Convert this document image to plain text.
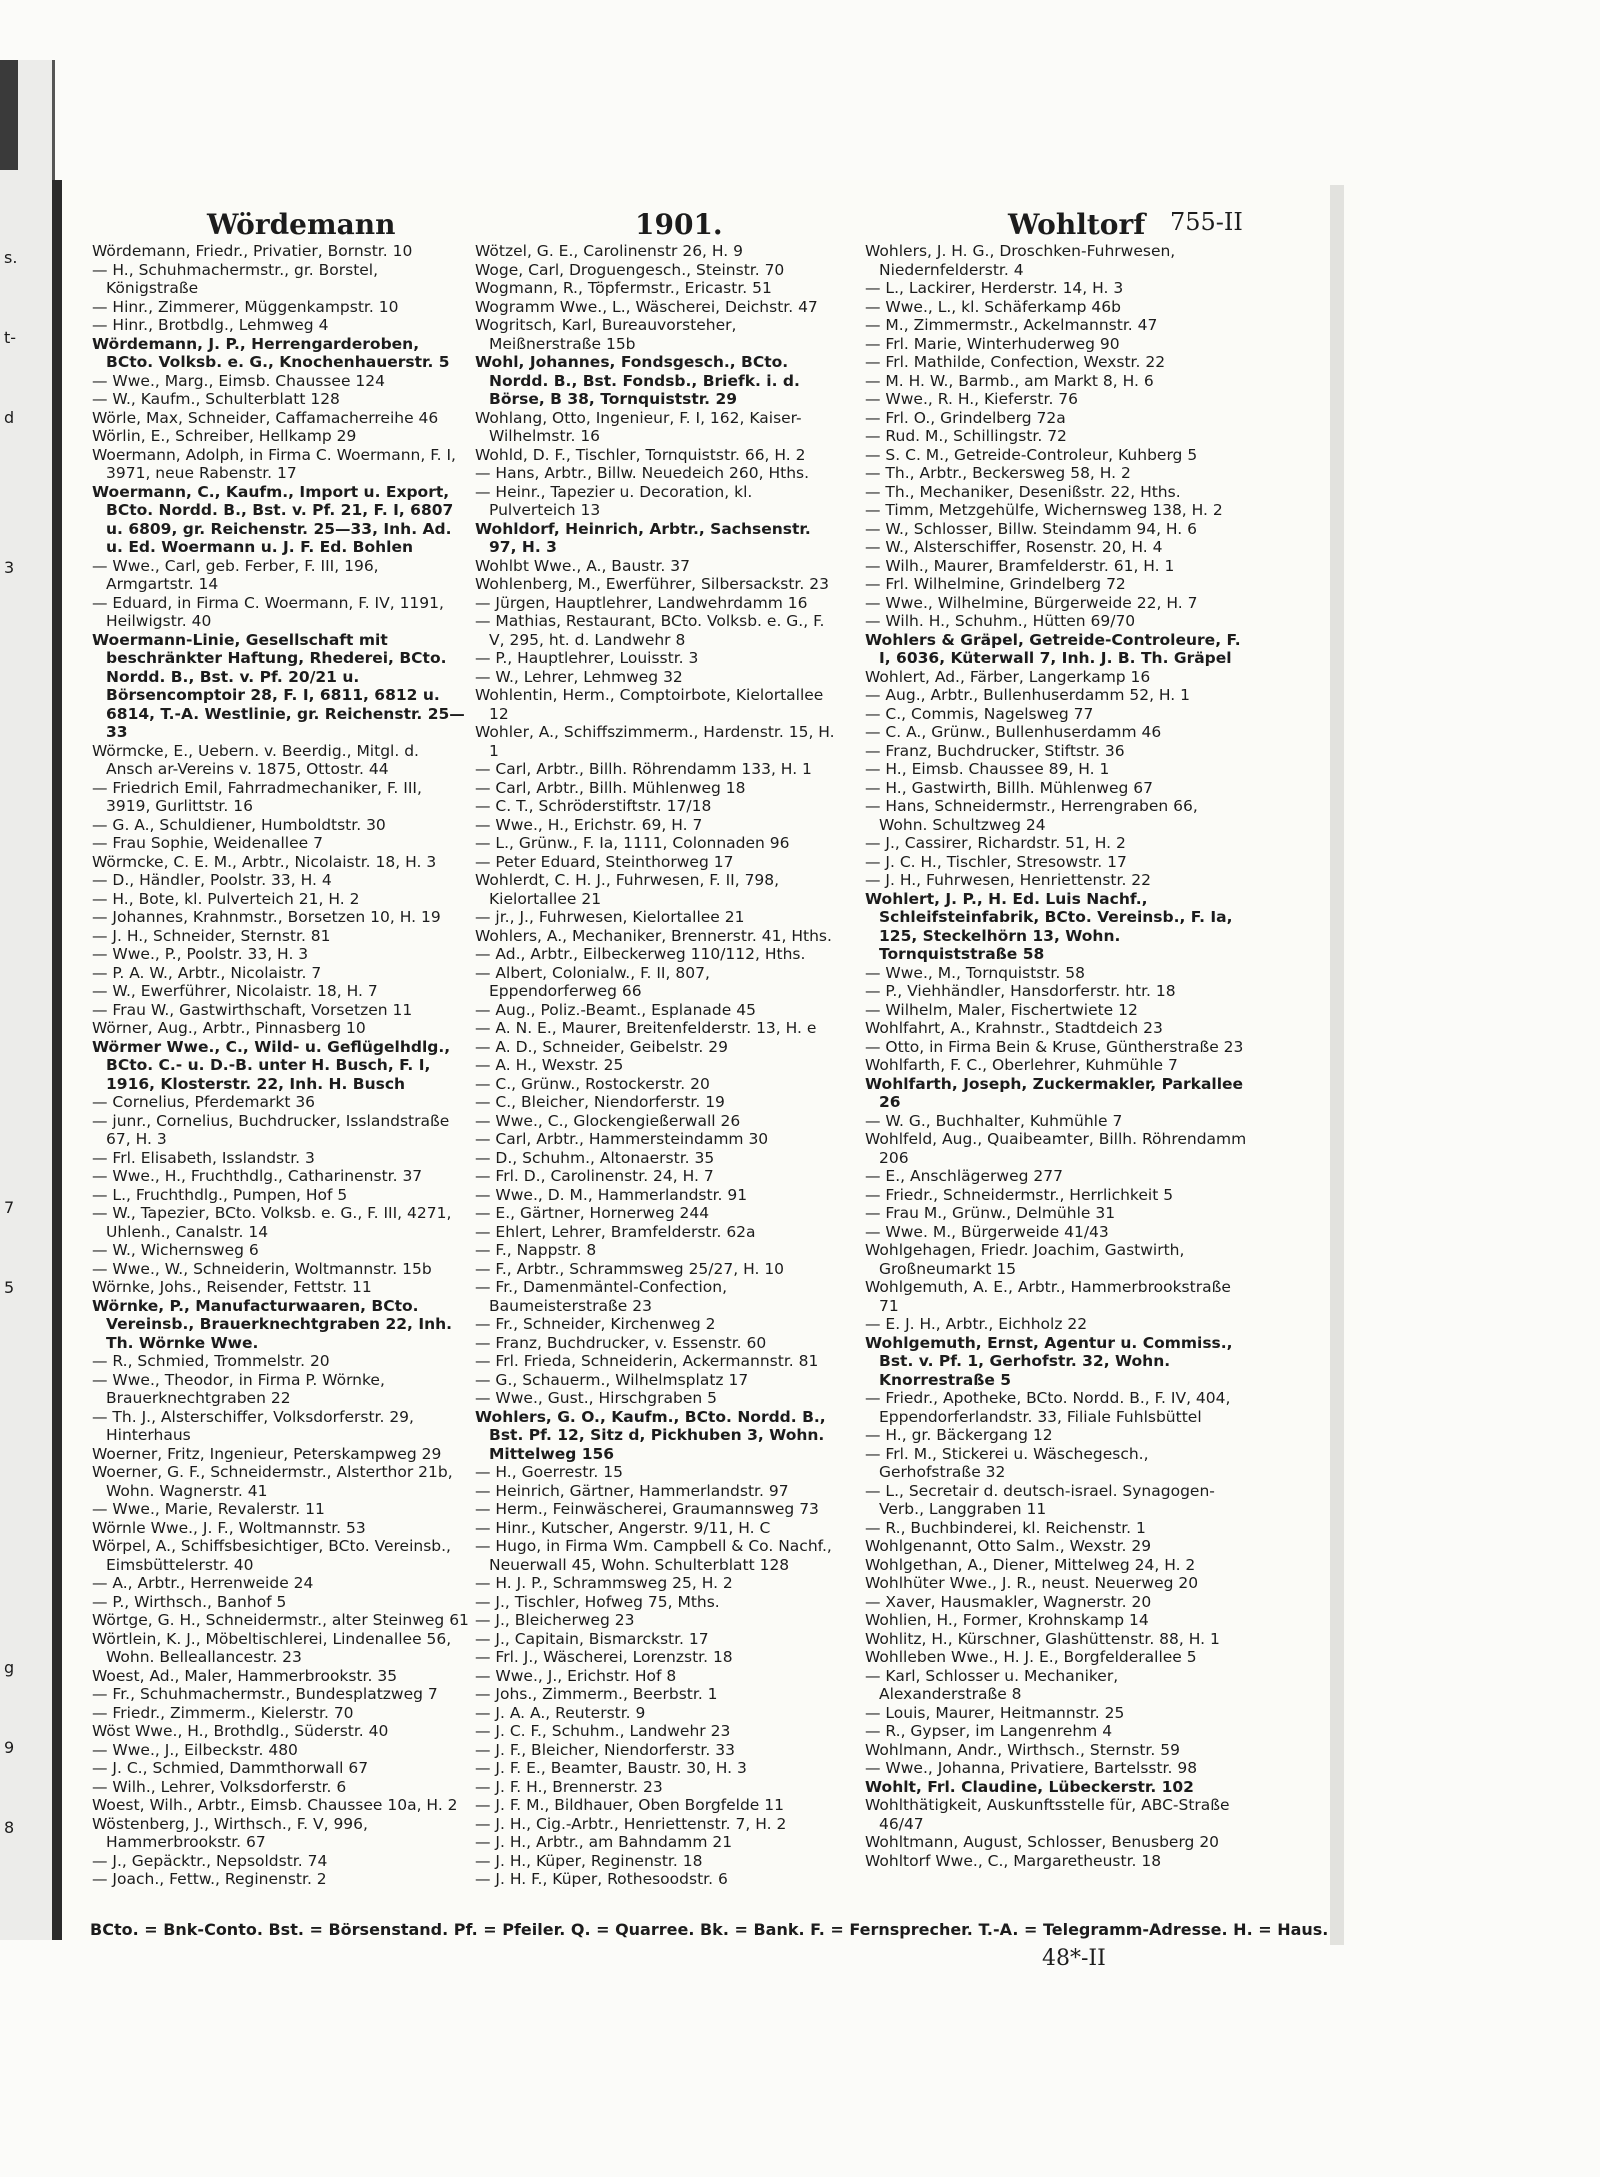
s.
t-
d
3
7
5
g
9
8
Wördemann	1901.	Wohltorf 755-II
Wördemann, Friedr., Privatier, Bornstr. 10
— H., Schuhmachermstr., gr. Borstel, Königstraße
— Hinr., Zimmerer, Müggenkampstr. 10
— Hinr., Brotbdlg., Lehmweg 4
Wördemann, J. P., Herrengarderoben, BCto. Volksb. e. G., Knochenhauerstr. 5
— Wwe., Marg., Eimsb. Chaussee 124
— W., Kaufm., Schulterblatt 128
Wörle, Max, Schneider, Caffamacherreihe 46
Wörlin, E., Schreiber, Hellkamp 29
Woermann, Adolph, in Firma C. Woermann, F. I, 3971, neue Rabenstr. 17
Woermann, C., Kaufm., Import u. Export, BCto. Nordd. B., Bst. v. Pf. 21, F. I, 6807 u. 6809, gr. Reichenstr. 25—33, Inh. Ad. u. Ed. Woermann u. J. F. Ed. Bohlen
— Wwe., Carl, geb. Ferber, F. III, 196, Armgartstr. 14
— Eduard, in Firma C. Woermann, F. IV, 1191, Heilwigstr. 40
Woermann-Linie, Gesellschaft mit beschränkter Haftung, Rhederei, BCto. Nordd. B., Bst. v. Pf. 20/21 u. Börsencomptoir 28, F. I, 6811, 6812 u. 6814, T.-A. Westlinie, gr. Reichenstr. 25—33
Wörmcke, E., Uebern. v. Beerdig., Mitgl. d. Ansch ar-Vereins v. 1875, Ottostr. 44
— Friedrich Emil, Fahrradmechaniker, F. III, 3919, Gurlittstr. 16
— G. A., Schuldiener, Humboldtstr. 30
— Frau Sophie, Weidenallee 7
Wörmcke, C. E. M., Arbtr., Nicolaistr. 18, H. 3
— D., Händler, Poolstr. 33, H. 4
— H., Bote, kl. Pulverteich 21, H. 2
— Johannes, Krahnmstr., Borsetzen 10, H. 19
— J. H., Schneider, Sternstr. 81
— Wwe., P., Poolstr. 33, H. 3
— P. A. W., Arbtr., Nicolaistr. 7
— W., Ewerführer, Nicolaistr. 18, H. 7
— Frau W., Gastwirthschaft, Vorsetzen 11
Wörner, Aug., Arbtr., Pinnasberg 10
Wörmer Wwe., C., Wild- u. Geflügelhdlg., BCto. C.- u. D.-B. unter H. Busch, F. I, 1916, Klosterstr. 22, Inh. H. Busch
— Cornelius, Pferdemarkt 36
— junr., Cornelius, Buchdrucker, Isslandstraße 67, H. 3
— Frl. Elisabeth, Isslandstr. 3
— Wwe., H., Fruchthdlg., Catharinenstr. 37
— L., Fruchthdlg., Pumpen, Hof 5
— W., Tapezier, BCto. Volksb. e. G., F. III, 4271, Uhlenh., Canalstr. 14
— W., Wichernsweg 6
— Wwe., W., Schneiderin, Woltmannstr. 15b
Wörnke, Johs., Reisender, Fettstr. 11
Wörnke, P., Manufacturwaaren, BCto. Vereinsb., Brauerknechtgraben 22, Inh. Th. Wörnke Wwe.
— R., Schmied, Trommelstr. 20
— Wwe., Theodor, in Firma P. Wörnke, Brauerknechtgraben 22
— Th. J., Alsterschiffer, Volksdorferstr. 29, Hinterhaus
Woerner, Fritz, Ingenieur, Peterskampweg 29
Woerner, G. F., Schneidermstr., Alsterthor 21b, Wohn. Wagnerstr. 41
— Wwe., Marie, Revalerstr. 11
Wörnle Wwe., J. F., Woltmannstr. 53
Wörpel, A., Schiffsbesichtiger, BCto. Vereinsb., Eimsbüttelerstr. 40
— A., Arbtr., Herrenweide 24
— P., Wirthsch., Banhof 5
Wörtge, G. H., Schneidermstr., alter Steinweg 61
Wörtlein, K. J., Möbeltischlerei, Lindenallee 56, Wohn. Belleallancestr. 23
Woest, Ad., Maler, Hammerbrookstr. 35
— Fr., Schuhmachermstr., Bundesplatzweg 7
— Friedr., Zimmerm., Kielerstr. 70
Wöst Wwe., H., Brothdlg., Süderstr. 40
— Wwe., J., Eilbeckstr. 480
— J. C., Schmied, Dammthorwall 67
— Wilh., Lehrer, Volksdorferstr. 6
Woest, Wilh., Arbtr., Eimsb. Chaussee 10a, H. 2
Wöstenberg, J., Wirthsch., F. V, 996, Hammerbrookstr. 67
— J., Gepäcktr., Nepsoldstr. 74
— Joach., Fettw., Reginenstr. 2
Wötzel, G. E., Carolinenstr 26, H. 9
Woge, Carl, Droguengesch., Steinstr. 70
Wogmann, R., Töpfermstr., Ericastr. 51
Wogramm Wwe., L., Wäscherei, Deichstr. 47
Wogritsch, Karl, Bureauvorsteher, Meißnerstraße 15b
Wohl, Johannes, Fondsgesch., BCto. Nordd. B., Bst. Fondsb., Briefk. i. d. Börse, B 38, Tornquiststr. 29
Wohlang, Otto, Ingenieur, F. I, 162, Kaiser-Wilhelmstr. 16
Wohld, D. F., Tischler, Tornquiststr. 66, H. 2
— Hans, Arbtr., Billw. Neuedeich 260, Hths.
— Heinr., Tapezier u. Decoration, kl. Pulverteich 13
Wohldorf, Heinrich, Arbtr., Sachsenstr. 97, H. 3
Wohlbt Wwe., A., Baustr. 37
Wohlenberg, M., Ewerführer, Silbersackstr. 23
— Jürgen, Hauptlehrer, Landwehrdamm 16
— Mathias, Restaurant, BCto. Volksb. e. G., F. V, 295, ht. d. Landwehr 8
— P., Hauptlehrer, Louisstr. 3
— W., Lehrer, Lehmweg 32
Wohlentin, Herm., Comptoirbote, Kielortallee 12
Wohler, A., Schiffszimmerm., Hardenstr. 15, H. 1
— Carl, Arbtr., Billh. Röhrendamm 133, H. 1
— Carl, Arbtr., Billh. Mühlenweg 18
— C. T., Schröderstiftstr. 17/18
— Wwe., H., Erichstr. 69, H. 7
— L., Grünw., F. Ia, 1111, Colonnaden 96
— Peter Eduard, Steinthorweg 17
Wohlerdt, C. H. J., Fuhrwesen, F. II, 798, Kielortallee 21
— jr., J., Fuhrwesen, Kielortallee 21
Wohlers, A., Mechaniker, Brennerstr. 41, Hths.
— Ad., Arbtr., Eilbeckerweg 110/112, Hths.
— Albert, Colonialw., F. II, 807, Eppendorferweg 66
— Aug., Poliz.-Beamt., Esplanade 45
— A. N. E., Maurer, Breitenfelderstr. 13, H. e
— A. D., Schneider, Geibelstr. 29
— A. H., Wexstr. 25
— C., Grünw., Rostockerstr. 20
— C., Bleicher, Niendorferstr. 19
— Wwe., C., Glockengießerwall 26
— Carl, Arbtr., Hammersteindamm 30
— D., Schuhm., Altonaerstr. 35
— Frl. D., Carolinenstr. 24, H. 7
— Wwe., D. M., Hammerlandstr. 91
— E., Gärtner, Hornerweg 244
— Ehlert, Lehrer, Bramfelderstr. 62a
— F., Nappstr. 8
— F., Arbtr., Schrammsweg 25/27, H. 10
— Fr., Damenmäntel-Confection, Baumeisterstraße 23
— Fr., Schneider, Kirchenweg 2
— Franz, Buchdrucker, v. Essenstr. 60
— Frl. Frieda, Schneiderin, Ackermannstr. 81
— G., Schauerm., Wilhelmsplatz 17
— Wwe., Gust., Hirschgraben 5
Wohlers, G. O., Kaufm., BCto. Nordd. B., Bst. Pf. 12, Sitz d, Pickhuben 3, Wohn. Mittelweg 156
— H., Goerrestr. 15
— Heinrich, Gärtner, Hammerlandstr. 97
— Herm., Feinwäscherei, Graumannsweg 73
— Hinr., Kutscher, Angerstr. 9/11, H. C
— Hugo, in Firma Wm. Campbell & Co. Nachf., Neuerwall 45, Wohn. Schulterblatt 128
— H. J. P., Schrammsweg 25, H. 2
— J., Tischler, Hofweg 75, Mths.
— J., Bleicherweg 23
— J., Capitain, Bismarckstr. 17
— Frl. J., Wäscherei, Lorenzstr. 18
— Wwe., J., Erichstr. Hof 8
— Johs., Zimmerm., Beerbstr. 1
— J. A. A., Reuterstr. 9
— J. C. F., Schuhm., Landwehr 23
— J. F., Bleicher, Niendorferstr. 33
— J. F. E., Beamter, Baustr. 30, H. 3
— J. F. H., Brennerstr. 23
— J. F. M., Bildhauer, Oben Borgfelde 11
— J. H., Cig.-Arbtr., Henriettenstr. 7, H. 2
— J. H., Arbtr., am Bahndamm 21
— J. H., Küper, Reginenstr. 18
— J. H. F., Küper, Rothesoodstr. 6
Wohlers, J. H. G., Droschken-Fuhrwesen, Niedernfelderstr. 4
— L., Lackirer, Herderstr. 14, H. 3
— Wwe., L., kl. Schäferkamp 46b
— M., Zimmermstr., Ackelmannstr. 47
— Frl. Marie, Winterhuderweg 90
— Frl. Mathilde, Confection, Wexstr. 22
— M. H. W., Barmb., am Markt 8, H. 6
— Wwe., R. H., Kieferstr. 76
— Frl. O., Grindelberg 72a
— Rud. M., Schillingstr. 72
— S. C. M., Getreide-Controleur, Kuhberg 5
— Th., Arbtr., Beckersweg 58, H. 2
— Th., Mechaniker, Desenißstr. 22, Hths.
— Timm, Metzgehülfe, Wichernsweg 138, H. 2
— W., Schlosser, Billw. Steindamm 94, H. 6
— W., Alsterschiffer, Rosenstr. 20, H. 4
— Wilh., Maurer, Bramfelderstr. 61, H. 1
— Frl. Wilhelmine, Grindelberg 72
— Wwe., Wilhelmine, Bürgerweide 22, H. 7
— Wilh. H., Schuhm., Hütten 69/70
Wohlers & Gräpel, Getreide-Controleure, F. I, 6036, Küterwall 7, Inh. J. B. Th. Gräpel
Wohlert, Ad., Färber, Langerkamp 16
— Aug., Arbtr., Bullenhuserdamm 52, H. 1
— C., Commis, Nagelsweg 77
— C. A., Grünw., Bullenhuserdamm 46
— Franz, Buchdrucker, Stiftstr. 36
— H., Eimsb. Chaussee 89, H. 1
— H., Gastwirth, Billh. Mühlenweg 67
— Hans, Schneidermstr., Herrengraben 66, Wohn. Schultzweg 24
— J., Cassirer, Richardstr. 51, H. 2
— J. C. H., Tischler, Stresowstr. 17
— J. H., Fuhrwesen, Henriettenstr. 22
Wohlert, J. P., H. Ed. Luis Nachf., Schleifsteinfabrik, BCto. Vereinsb., F. Ia, 125, Steckelhörn 13, Wohn. Tornquiststraße 58
— Wwe., M., Tornquiststr. 58
— P., Viehhändler, Hansdorferstr. htr. 18
— Wilhelm, Maler, Fischertwiete 12
Wohlfahrt, A., Krahnstr., Stadtdeich 23
— Otto, in Firma Bein & Kruse, Güntherstraße 23
Wohlfarth, F. C., Oberlehrer, Kuhmühle 7
Wohlfarth, Joseph, Zuckermakler, Parkallee 26
— W. G., Buchhalter, Kuhmühle 7
Wohlfeld, Aug., Quaibeamter, Billh. Röhrendamm 206
— E., Anschlägerweg 277
— Friedr., Schneidermstr., Herrlichkeit 5
— Frau M., Grünw., Delmühle 31
— Wwe. M., Bürgerweide 41/43
Wohlgehagen, Friedr. Joachim, Gastwirth, Großneumarkt 15
Wohlgemuth, A. E., Arbtr., Hammerbrookstraße 71
— E. J. H., Arbtr., Eichholz 22
Wohlgemuth, Ernst, Agentur u. Commiss., Bst. v. Pf. 1, Gerhofstr. 32, Wohn. Knorrestraße 5
— Friedr., Apotheke, BCto. Nordd. B., F. IV, 404, Eppendorferlandstr. 33, Filiale Fuhlsbüttel
— H., gr. Bäckergang 12
— Frl. M., Stickerei u. Wäschegesch., Gerhofstraße 32
— L., Secretair d. deutsch-israel. Synagogen-Verb., Langgraben 11
— R., Buchbinderei, kl. Reichenstr. 1
Wohlgenannt, Otto Salm., Wexstr. 29
Wohlgethan, A., Diener, Mittelweg 24, H. 2
Wohlhüter Wwe., J. R., neust. Neuerweg 20
— Xaver, Hausmakler, Wagnerstr. 20
Wohlien, H., Former, Krohnskamp 14
Wohlitz, H., Kürschner, Glashüttenstr. 88, H. 1
Wohlleben Wwe., H. J. E., Borgfelderallee 5
— Karl, Schlosser u. Mechaniker, Alexanderstraße 8
— Louis, Maurer, Heitmannstr. 25
— R., Gypser, im Langenrehm 4
Wohlmann, Andr., Wirthsch., Sternstr. 59
— Wwe., Johanna, Privatiere, Bartelsstr. 98
Wohlt, Frl. Claudine, Lübeckerstr. 102
Wohlthätigkeit, Auskunftsstelle für, ABC-Straße 46/47
Wohltmann, August, Schlosser, Benusberg 20
Wohltorf Wwe., C., Margaretheustr. 18
BCto. = Bnk-Conto. Bst. = Börsenstand. Pf. = Pfeiler. Q. = Quarree. Bk. = Bank. F. = Fernsprecher. T.-A. = Telegramm-Adresse. H. = Haus.
48*-II
